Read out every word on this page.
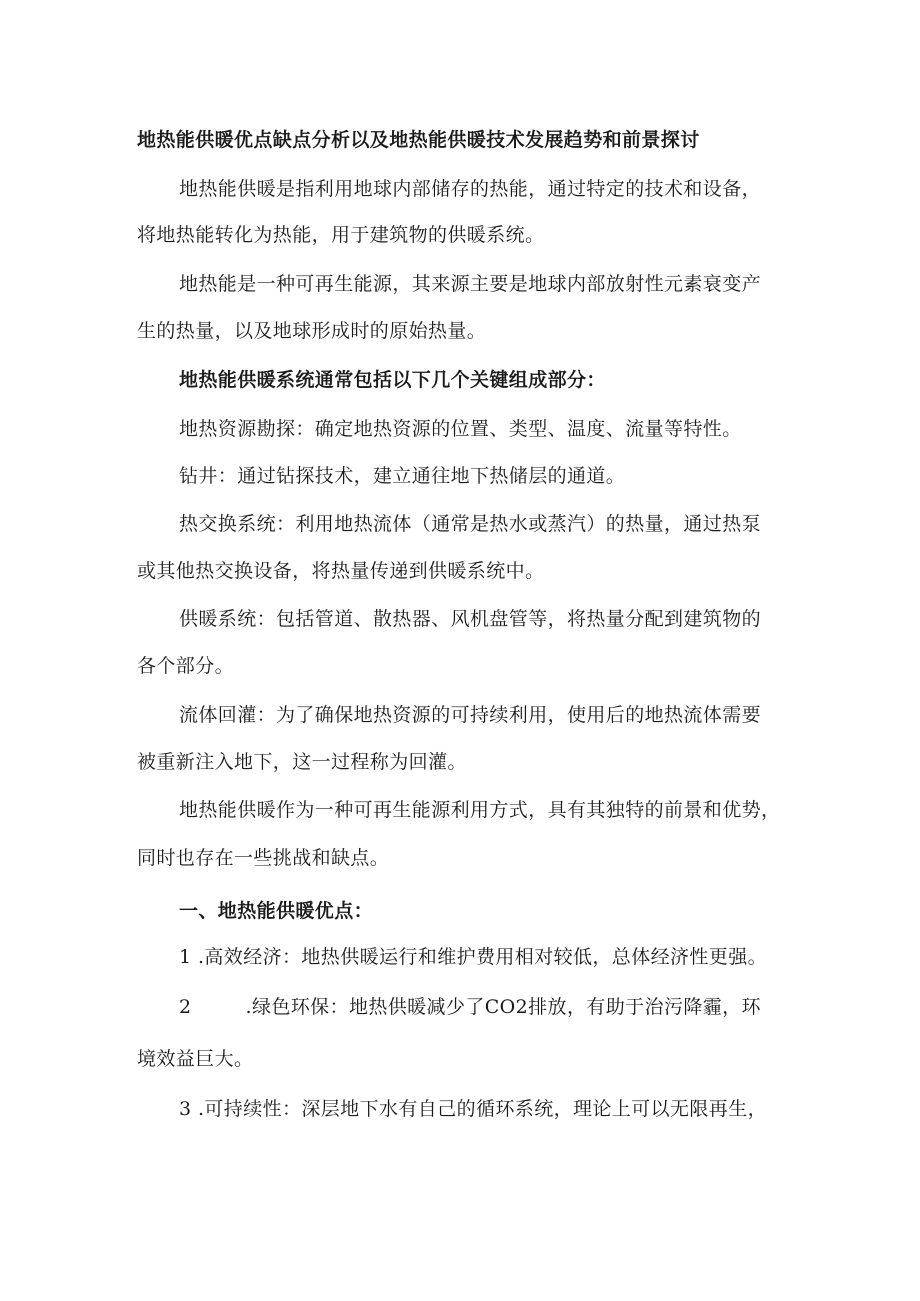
地热能供暖优点缺点分析以及地热能供暖技术发展趋势和前景探讨
地热能供暖是指利用地球内部储存的热能，通过特定的技术和设备，
将地热能转化为热能，用于建筑物的供暖系统。
地热能是一种可再生能源，其来源主要是地球内部放射性元素衰变产
生的热量，以及地球形成时的原始热量。
地热能供暖系统通常包括以下几个关键组成部分：
地热资源勘探：确定地热资源的位置、类型、温度、流量等特性。
钻井：通过钻探技术，建立通往地下热储层的通道。
热交换系统：利用地热流体（通常是热水或蒸汽）的热量，通过热泵
或其他热交换设备，将热量传递到供暖系统中。
供暖系统：包括管道、散热器、风机盘管等，将热量分配到建筑物的
各个部分。
流体回灌：为了确保地热资源的可持续利用，使用后的地热流体需要
被重新注入地下，这一过程称为回灌。
地热能供暖作为一种可再生能源利用方式，具有其独特的前景和优势，
同时也存在一些挑战和缺点。
一、地热能供暖优点：
1 .高效经济：地热供暖运行和维护费用相对较低，总体经济性更强。
2	.绿色环保：地热供暖减少了CO2排放，有助于治污降霾，环
境效益巨大。
3 .可持续性：深层地下水有自己的循环系统，理论上可以无限再生，
